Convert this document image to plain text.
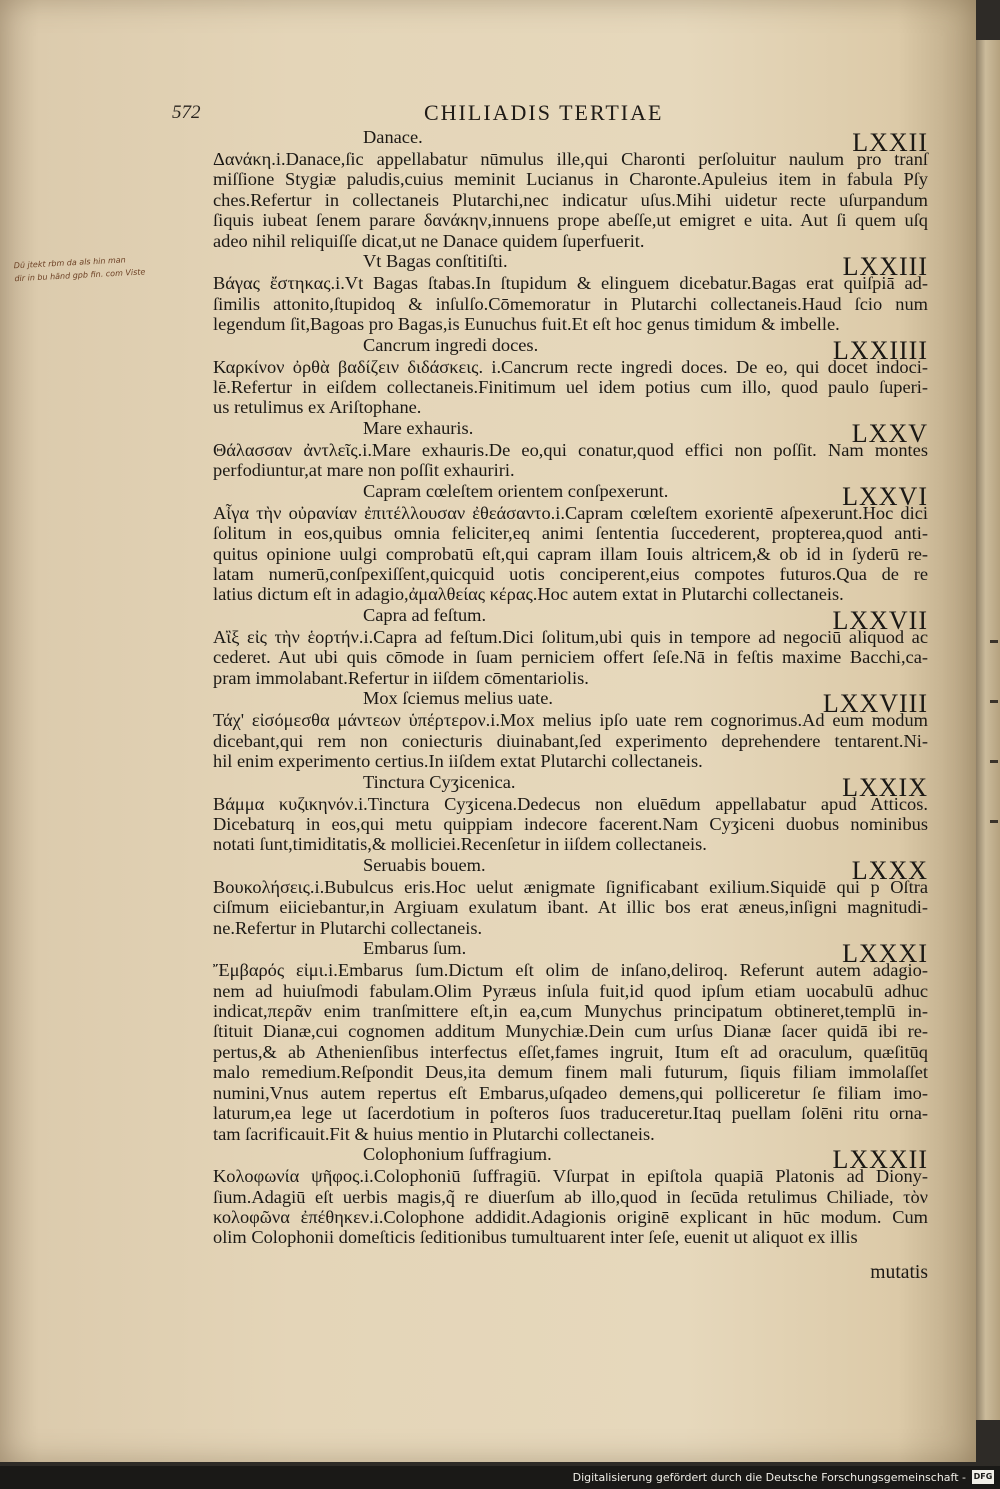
572	CHILIADIS TERTIAE
Dū jtekt rbm da als hin man
dir in bu händ gpb fin. com Viste
Danace.	LXXII
Δανάκη.i.Danace,ſic appellabatur nūmulus ille,qui Charonti perſoluitur naulum pro tranſ
miſſione Stygiæ paludis,cuius meminit Lucianus in Charonte.Apuleius item in fabula Pſy
ches.Refertur in collectaneis Plutarchi,nec indicatur uſus.Mihi uidetur recte uſurpandum
ſiquis iubeat ſenem parare δανάκην,innuens prope abeſſe,ut emigret e uita. Aut ſi quem uſq
adeo nihil reliquiſſe dicat,ut ne Danace quidem ſuperfuerit.
Vt Bagas conſtitiſti.	LXXIII
Βάγας ἔστηκας.i.Vt Bagas ſtabas.In ſtupidum & elinguem dicebatur.Bagas erat quiſpiā ad-
ſimilis attonito,ſtupidoq & inſulſo.Cōmemoratur in Plutarchi collectaneis.Haud ſcio num
legendum ſit,Bagoas pro Bagas,is Eunuchus fuit.Et eſt hoc genus timidum & imbelle.
Cancrum ingredi doces.	LXXIIII
Καρκίνον ὀρθὰ βαδίζειν διδάσκεις. i.Cancrum recte ingredi doces. De eo, qui docet indoci-
lē.Refertur in eiſdem collectaneis.Finitimum uel idem potius cum illo, quod paulo ſuperi-
us retulimus ex Ariſtophane.
Mare exhauris.	LXXV
Θάλασσαν ἀντλεῖς.i.Mare exhauris.De eo,qui conatur,quod effici non poſſit. Nam montes
perfodiuntur,at mare non poſſit exhauriri.
Capram cœleſtem orientem conſpexerunt.	LXXVI
Αἶγα τὴν οὐρανίαν ἐπιτέλλουσαν ἐθεάσαντο.i.Capram cœleſtem exorientē aſpexerunt.Hoc dici
ſolitum in eos,quibus omnia feliciter,eq animi ſententia ſuccederent, propterea,quod anti-
quitus opinione uulgi comprobatū eſt,qui capram illam Iouis altricem,& ob id in ſyderū re-
latam numerū,conſpexiſſent,quicquid uotis conciperent,eius compotes futuros.Qua de re
latius dictum eſt in adagio,ἀμαλθείας κέρας.Hoc autem extat in Plutarchi collectaneis.
Capra ad feſtum.	LXXVII
Αἲξ εἰς τὴν ἑορτήν.i.Capra ad feſtum.Dici ſolitum,ubi quis in tempore ad negociū aliquod ac
cederet. Aut ubi quis cōmode in ſuam perniciem offert ſeſe.Nā in feſtis maxime Bacchi,ca-
pram immolabant.Refertur in iiſdem cōmentariolis.
Mox ſciemus melius uate.	LXXVIII
Τάχ' εἰσόμεσθα μάντεων ὑπέρτερον.i.Mox melius ipſo uate rem cognorimus.Ad eum modum
dicebant,qui rem non coniecturis diuinabant,ſed experimento deprehendere tentarent.Ni-
hil enim experimento certius.In iiſdem extat Plutarchi collectaneis.
Tinctura Cyʒicenica.	LXXIX
Βάμμα κυζικηνόν.i.Tinctura Cyʒicena.Dedecus non eluēdum appellabatur apud Atticos.
Dicebaturq in eos,qui metu quippiam indecore facerent.Nam Cyʒiceni duobus nominibus
notati ſunt,timiditatis,& mollicieі.Recenſetur in iiſdem collectaneis.
Seruabis bouem.	LXXX
Βουκολήσεις.i.Bubulcus eris.Hoc uelut ænigmate ſignificabant exilium.Siquidē qui p Oſtra
ciſmum eiiciebantur,in Argiuam exulatum ibant. At illic bos erat æneus,inſigni magnitudi-
ne.Refertur in Plutarchi collectaneis.
Embarus ſum.	LXXXI
Ἔμβαρός εἰμι.i.Embarus ſum.Dictum eſt olim de inſano,deliroq. Referunt autem adagio-
nem ad huiuſmodi fabulam.Olim Pyræus inſula fuit,id quod ipſum etiam uocabulū adhuc
indicat,περᾶν enim tranſmittere eſt,in ea,cum Munychus principatum obtineret,templū in-
ſtituit Dianæ,cui cognomen additum Munychiæ.Dein cum urſus Dianæ ſacer quidā ibi re-
pertus,& ab Athenienſibus interfectus eſſet,fames ingruit, Itum eſt ad oraculum, quæſitūq
malo remedium.Reſpondit Deus,ita demum finem mali futurum, ſiquis filiam immolaſſet
numini,Vnus autem repertus eſt Embarus,uſqadeo demens,qui polliceretur ſe filiam imo-
laturum,ea lege ut ſacerdotium in poſteros ſuos traduceretur.Itaq puellam ſolēni ritu orna-
tam ſacrificauit.Fit & huius mentio in Plutarchi collectaneis.
Colophonium ſuffragium.	LXXXII
Κολοφωνία ψῆφος.i.Colophoniū ſuffragiū. Vſurpat in epiſtola quapiā Platonis ad Diony-
ſium.Adagiū eſt uerbis magis,q̃ re diuerſum ab illo,quod in ſecūda retulimus Chiliade, τὸν
κολοφῶνα ἐπέθηκεν.i.Colophone addidit.Adagionis originē explicant in hūc modum. Cum
olim Colophonii domeſticis ſeditionibus tumultuarent inter ſeſe, euenit ut aliquot ex illis
mutatis
Digitalisierung gefördert durch die Deutsche Forschungsgemeinschaft - DFG
